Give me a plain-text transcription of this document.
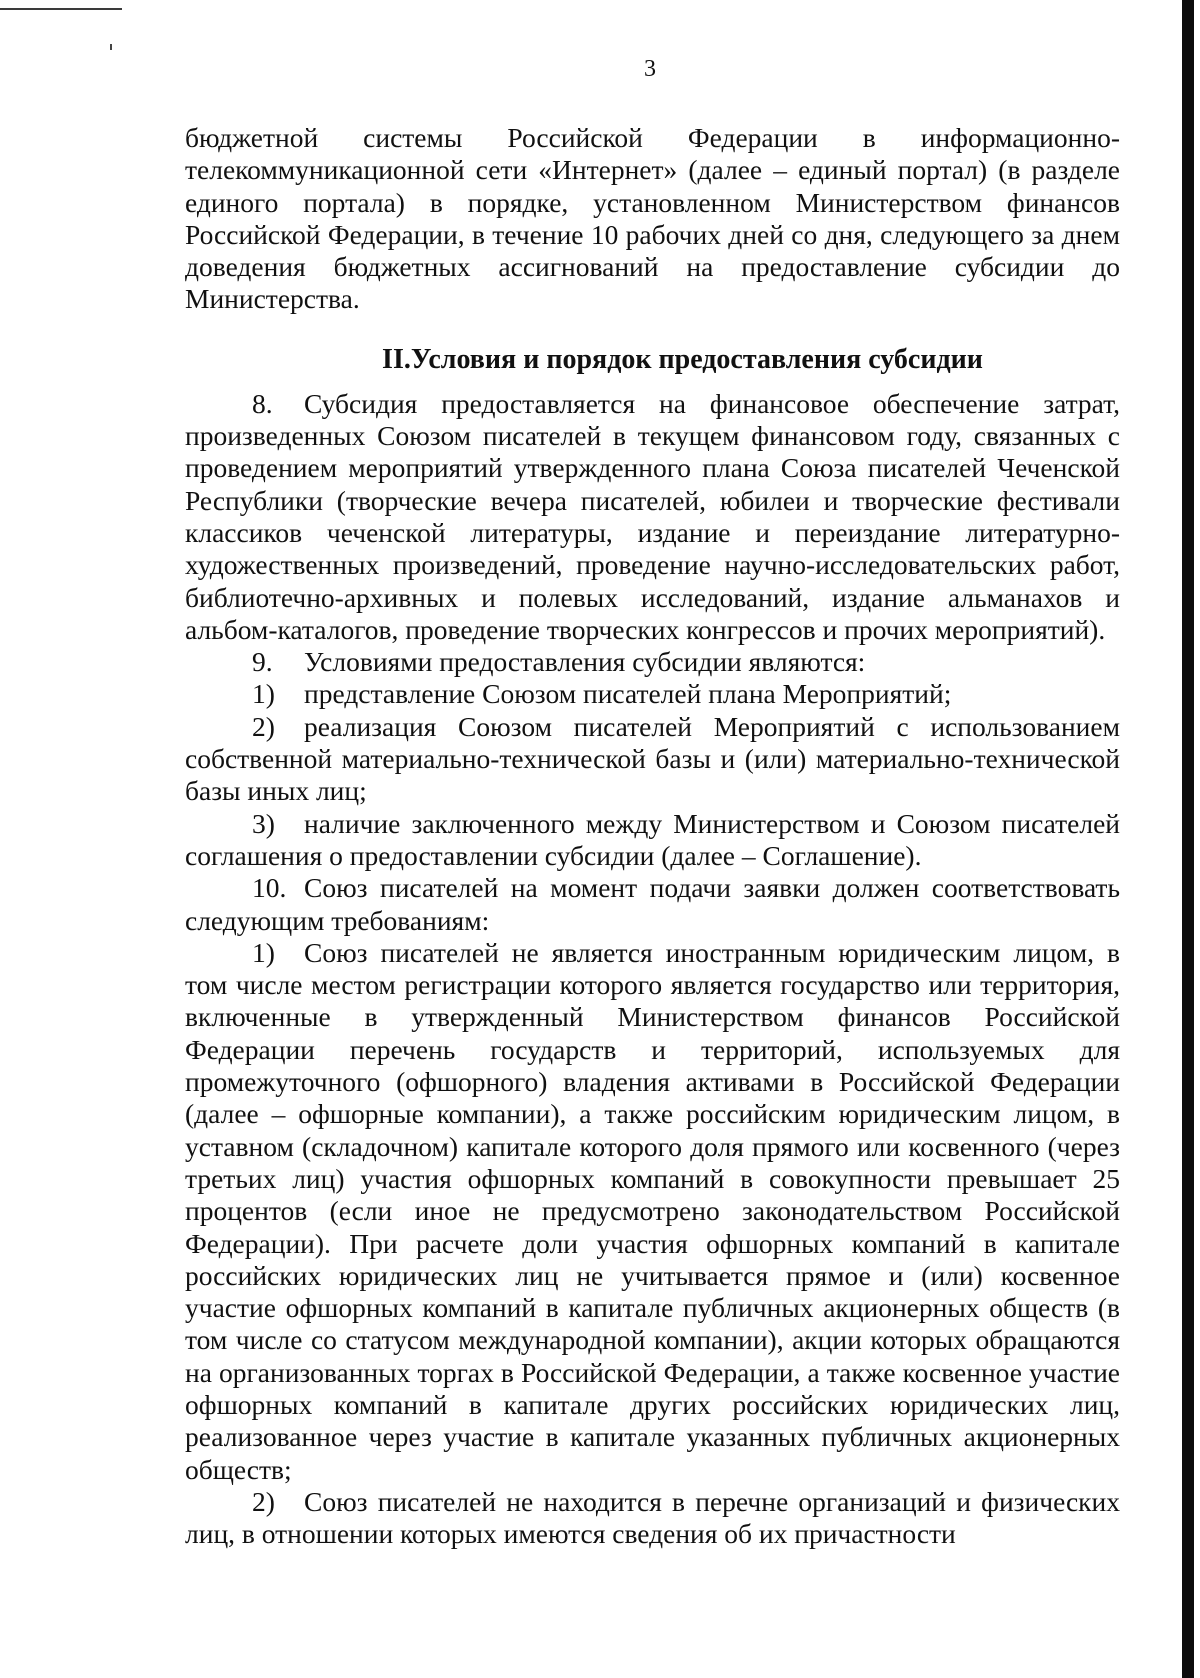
3

бюджетной системы Российской Федерации в информационно-телекоммуникационной сети «Интернет» (далее – единый портал) (в разделе единого портала) в порядке, установленном Министерством финансов Российской Федерации, в течение 10 рабочих дней со дня, следующего за днем доведения бюджетных ассигнований на предоставление субсидии до Министерства.

II.Условия и порядок предоставления субсидии

8. Субсидия предоставляется на финансовое обеспечение затрат, произведенных Союзом писателей в текущем финансовом году, связанных с проведением мероприятий утвержденного плана Союза писателей Чеченской Республики (творческие вечера писателей, юбилеи и творческие фестивали классиков чеченской литературы, издание и переиздание литературно-художественных произведений, проведение научно-исследовательских работ, библиотечно-архивных и полевых исследований, издание альманахов и альбом-каталогов, проведение творческих конгрессов и прочих мероприятий).

9. Условиями предоставления субсидии являются:

1) представление Союзом писателей плана Мероприятий;

2) реализация Союзом писателей Мероприятий с использованием собственной материально-технической базы и (или) материально-технической базы иных лиц;

3) наличие заключенного между Министерством и Союзом писателей соглашения о предоставлении субсидии (далее – Соглашение).

10. Союз писателей на момент подачи заявки должен соответствовать следующим требованиям:

1) Союз писателей не является иностранным юридическим лицом, в том числе местом регистрации которого является государство или территория, включенные в утвержденный Министерством финансов Российской Федерации перечень государств и территорий, используемых для промежуточного (офшорного) владения активами в Российской Федерации (далее – офшорные компании), а также российским юридическим лицом, в уставном (складочном) капитале которого доля прямого или косвенного (через третьих лиц) участия офшорных компаний в совокупности превышает 25 процентов (если иное не предусмотрено законодательством Российской Федерации). При расчете доли участия офшорных компаний в капитале российских юридических лиц не учитывается прямое и (или) косвенное участие офшорных компаний в капитале публичных акционерных обществ (в том числе со статусом международной компании), акции которых обращаются на организованных торгах в Российской Федерации, а также косвенное участие офшорных компаний в капитале других российских юридических лиц, реализованное через участие в капитале указанных публичных акционерных обществ;

2) Союз писателей не находится в перечне организаций и физических лиц, в отношении которых имеются сведения об их причастности
